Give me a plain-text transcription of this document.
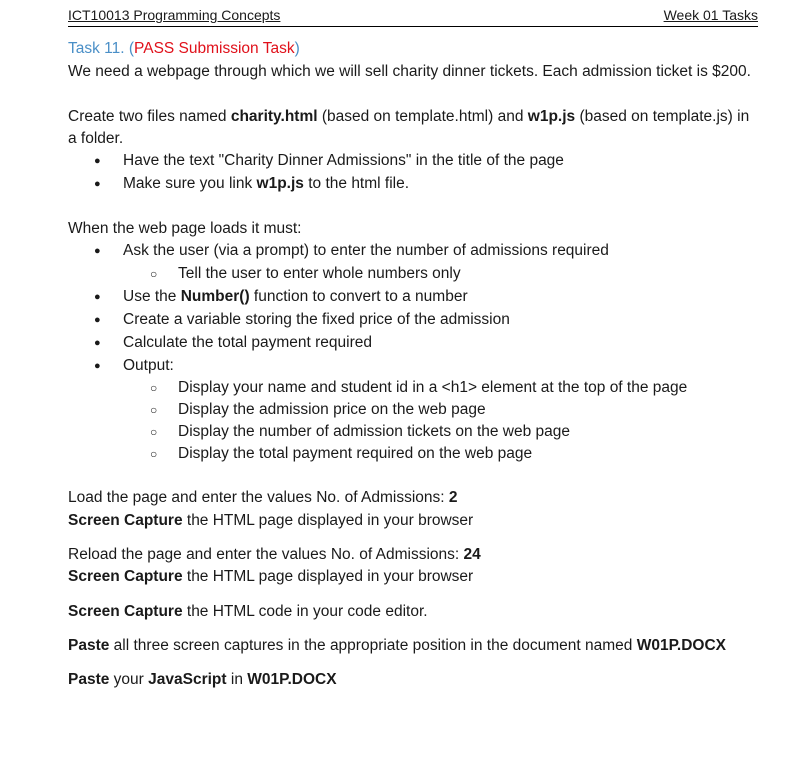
ICT10013 Programming Concepts	Week 01 Tasks
Task 11. (PASS Submission Task)
We need a webpage through which we will sell charity dinner tickets. Each admission ticket is $200.
Create two files named charity.html (based on template.html) and w1p.js (based on template.js) in
a folder.
● Have the text "Charity Dinner Admissions" in the title of the page
● Make sure you link w1p.js to the html file.
When the web page loads it must:
● Ask the user (via a prompt) to enter the number of admissions required
○ Tell the user to enter whole numbers only
● Use the Number() function to convert to a number
● Create a variable storing the fixed price of the admission
● Calculate the total payment required
● Output:
○ Display your name and student id in a <h1> element at the top of the page
○ Display the admission price on the web page
○ Display the number of admission tickets on the web page
○ Display the total payment required on the web page
Load the page and enter the values No. of Admissions: 2
Screen Capture the HTML page displayed in your browser
Reload the page and enter the values No. of Admissions: 24
Screen Capture the HTML page displayed in your browser
Screen Capture the HTML code in your code editor.
Paste all three screen captures in the appropriate position in the document named W01P.DOCX
Paste your JavaScript in W01P.DOCX
